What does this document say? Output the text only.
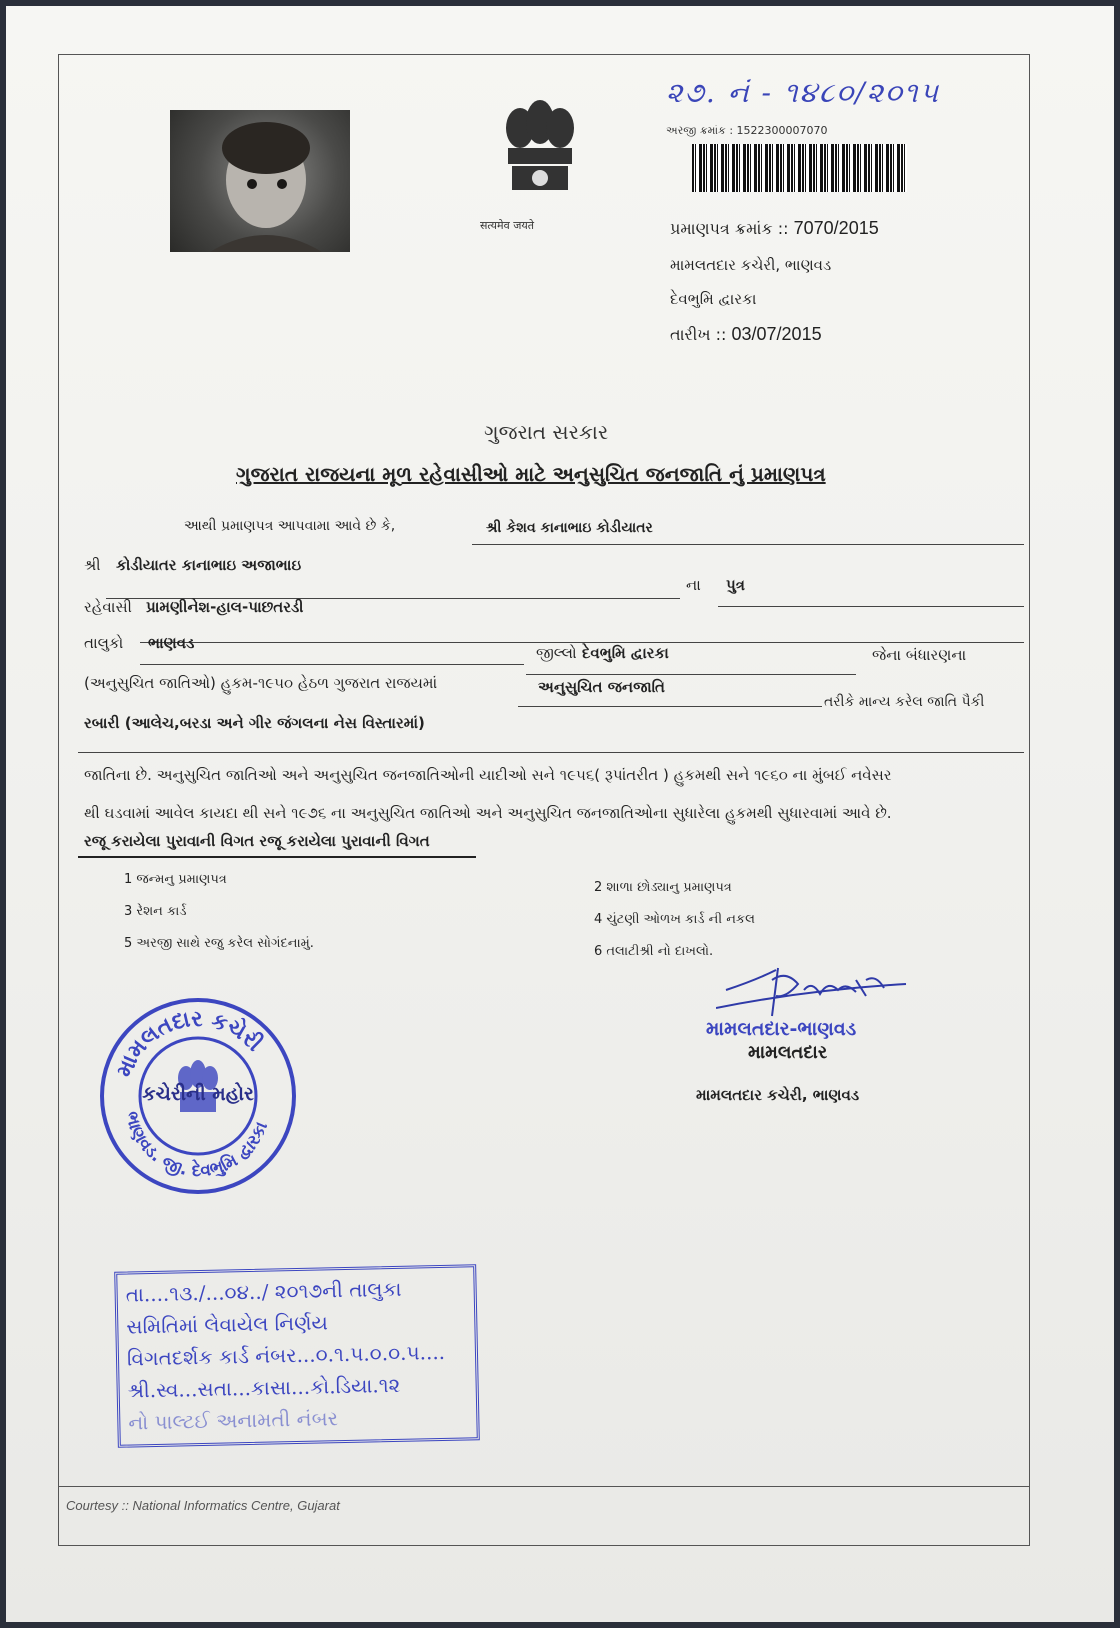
सत्यमेव जयते
૨૭. નં - ૧૪૮૦/૨૦૧૫
અરજી ક્રમાંક : 1522300007070
પ્રમાણપત્ર ક્રમાંક :: 7070/2015
મામલતદાર કચેરી, ભાણવડ
દેવભુમિ દ્વારકા
તારીખ :: 03/07/2015
ગુજરાત સરકાર
ગુજરાત રાજયના મૂળ રહેવાસીઓ માટે અનુસુચિત જનજાતિ નું પ્રમાણપત્ર
આથી પ્રમાણપત્ર આપવામા આવે છે કે,	શ્રી કેશવ કાનાભાઇ કોડીયાતર
શ્રી કોડીયાતર કાનાભાઇ અજાભાઇ
ના પુત્ર
રહેવાસી પ્રામણીનેશ-હાલ-પાછતરડી
તાલુકો ભાણવડ
જીલ્લો દેવભુમિ દ્વારકા	જેના બંધારણના
(અનુસુચિત જાતિઓ) હુકમ-૧૯૫૦ હેઠળ ગુજરાત રાજયમાં	અનુસુચિત જનજાતિ
તરીકે માન્ય કરેલ જાતિ પૈકી
રબારી (આલેચ,બરડા અને ગીર જંગલના નેસ વિસ્તારમાં)
જાતિના છે. અનુસુચિત જાતિઓ અને અનુસુચિત જનજાતિઓની યાદીઓ સને ૧૯૫૬( રૂપાંતરીત ) હુકમથી સને ૧૯૬૦ ના મુંબઈ નવેસર
થી ઘડવામાં આવેલ કાયદા થી સને ૧૯૭૬ ના અનુસુચિત જાતિઓ અને અનુસુચિત જનજાતિઓના સુધારેલા હુકમથી સુધારવામાં આવે છે.
રજૂ કરાયેલા પુરાવાની વિગત રજૂ કરાયેલા પુરાવાની વિગત
1 જન્મનુ પ્રમાણપત્ર
2 શાળા છોડ્યાનુ પ્રમાણપત્ર
3 રેશન કાર્ડ
4 ચુંટણી ઓળખ કાર્ડ ની નકલ
5 અરજી સાથે રજુ કરેલ સોગંદનામું.
6 તલાટીશ્રી નો દાખલો.
મામલતદાર-ભાણવડ
મામલતદાર
મામલતદાર કચેરી, ભાણવડ
મામલતદાર કચેરી
ભાણવડ. જી. દેવભુમિ દ્વારકા
કચેરીની મહોર
તા....૧૩./...૦૪../ ૨૦૧૭ની તાલુકા
સમિતિમાં લેવાયેલ નિર્ણય
વિગતદર્શક કાર્ડ નંબર...૦.૧.૫.૦.૦.૫....
શ્રી.સ્વ...સતા...કાસા...કો.ડિયા.૧૨
નો પાલ્ટઈ અનામતી નંબર
Courtesy :: National Informatics Centre, Gujarat
